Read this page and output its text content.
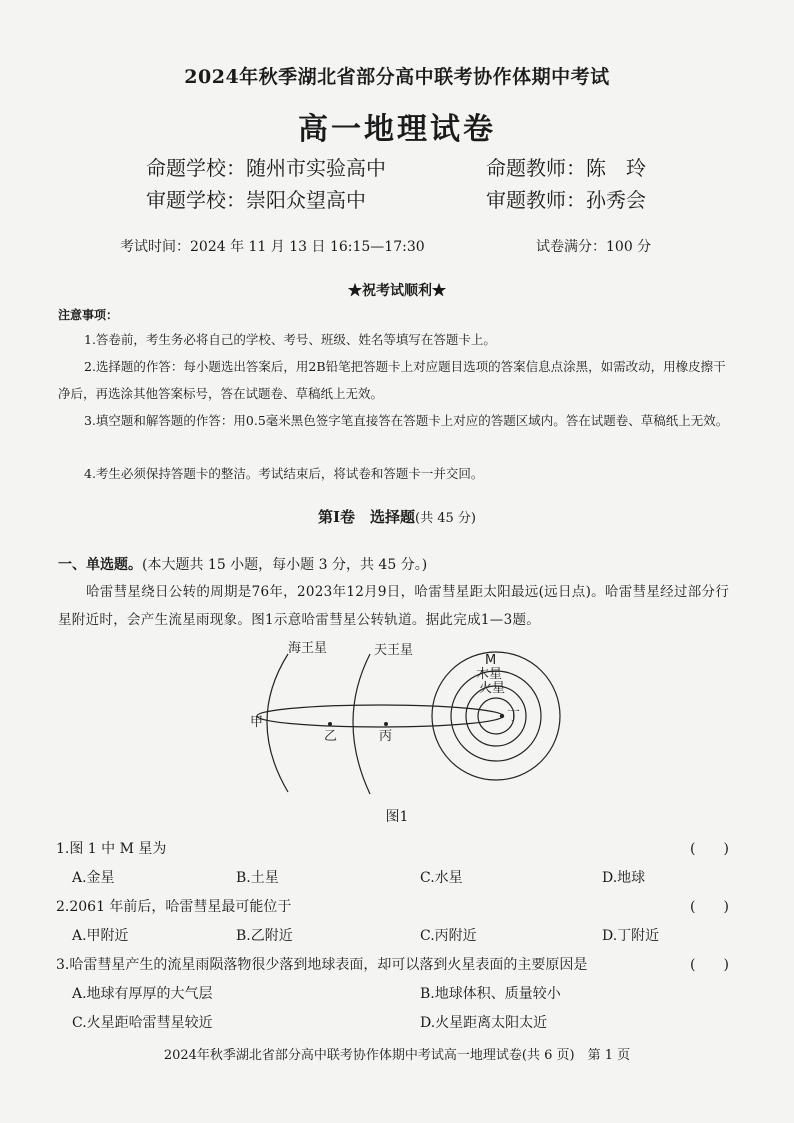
2024年秋季湖北省部分高中联考协作体期中考试
高一地理试卷
命题学校：随州市实验高中	命题教师：陈　玲
审题学校：崇阳众望高中	审题教师：孙秀会
考试时间：2024 年 11 月 13 日 16:15—17:30	试卷满分：100 分
★祝考试顺利★
注意事项：
1.答卷前，考生务必将自己的学校、考号、班级、姓名等填写在答题卡上。
2.选择题的作答：每小题选出答案后，用2B铅笔把答题卡上对应题目选项的答案信息点涂黑，如需改动，用橡皮擦干净后，再选涂其他答案标号，答在试题卷、草稿纸上无效。
3.填空题和解答题的作答：用0.5毫米黑色签字笔直接答在答题卡上对应的答题区域内。答在试题卷、草稿纸上无效。
4.考生必须保持答题卡的整洁。考试结束后，将试卷和答题卡一并交回。
第Ⅰ卷　选择题(共 45 分)
一、单选题。(本大题共 15 小题，每小题 3 分，共 45 分。)
哈雷彗星绕日公转的周期是76年，2023年12月9日，哈雷彗星距太阳最远(远日点)。哈雷彗星经过部分行星附近时，会产生流星雨现象。图1示意哈雷彗星公转轨道。据此完成1—3题。
海王星	天王星
M
木星
火星
甲
乙	丙
丁
图1
1.图 1 中 M 星为	(　　)
A.金星	B.土星	C.水星	D.地球
2.2061 年前后，哈雷彗星最可能位于	(　　)
A.甲附近	B.乙附近	C.丙附近	D.丁附近
3.哈雷彗星产生的流星雨陨落物很少落到地球表面，却可以落到火星表面的主要原因是	(　　)
A.地球有厚厚的大气层	B.地球体积、质量较小
C.火星距哈雷彗星较近	D.火星距离太阳太近
2024年秋季湖北省部分高中联考协作体期中考试高一地理试卷(共 6 页)　第 1 页
